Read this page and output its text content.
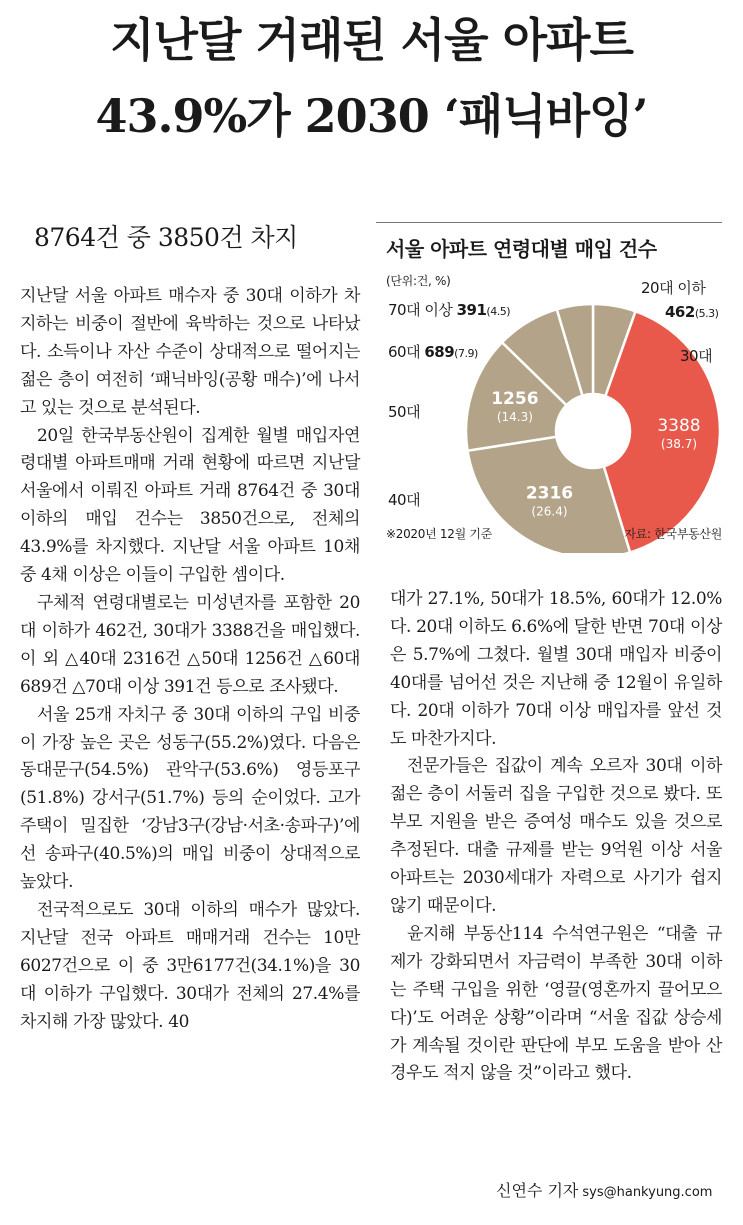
지난달 거래된 서울 아파트
43.9%가 2030 ‘패닉바잉’
8764건 중 3850건 차지

지난달 서울 아파트 매수자 중 30대 이하가 차지하는 비중이 절반에 육박하는 것으로 나타났다. 소득이나 자산 수준이 상대적으로 떨어지는 젊은 층이 여전히 ‘패닉바잉(공황 매수)’에 나서고 있는 것으로 분석된다.

20일 한국부동산원이 집계한 월별 매입자연령대별 아파트매매 거래 현황에 따르면 지난달 서울에서 이뤄진 아파트 거래 8764건 중 30대 이하의 매입 건수는 3850건으로, 전체의 43.9%를 차지했다. 지난달 서울 아파트 10채 중 4채 이상은 이들이 구입한 셈이다.

구체적 연령대별로는 미성년자를 포함한 20대 이하가 462건, 30대가 3388건을 매입했다. 이 외 △40대 2316건 △50대 1256건 △60대 689건 △70대 이상 391건 등으로 조사됐다.

서울 25개 자치구 중 30대 이하의 구입 비중이 가장 높은 곳은 성동구(55.2%)였다. 다음은 동대문구(54.5%) 관악구(53.6%) 영등포구(51.8%) 강서구(51.7%) 등의 순이었다. 고가주택이 밀집한 ‘강남3구(강남·서초·송파구)’에선 송파구(40.5%)의 매입 비중이 상대적으로 높았다.

전국적으로도 30대 이하의 매수가 많았다. 지난달 전국 아파트 매매거래 건수는 10만6027건으로 이 중 3만6177건(34.1%)을 30대 이하가 구입했다. 30대가 전체의 27.4%를 차지해 가장 많았다. 40

서울 아파트 연령대별 매입 건수
(단위:건, %)
3388
(38.7)
2316
(26.4)
1256
(14.3)
20대 이하
462(5.3)
30대
70대 이상 391(4.5)
60대 689(7.9)
50대
40대
※2020년 12월 기준	자료: 한국부동산원

대가 27.1%, 50대가 18.5%, 60대가 12.0%다. 20대 이하도 6.6%에 달한 반면 70대 이상은 5.7%에 그쳤다. 월별 30대 매입자 비중이 40대를 넘어선 것은 지난해 중 12월이 유일하다. 20대 이하가 70대 이상 매입자를 앞선 것도 마찬가지다.

전문가들은 집값이 계속 오르자 30대 이하 젊은 층이 서둘러 집을 구입한 것으로 봤다. 또 부모 지원을 받은 증여성 매수도 있을 것으로 추정된다. 대출 규제를 받는 9억원 이상 서울 아파트는 2030세대가 자력으로 사기가 쉽지 않기 때문이다.

윤지해 부동산114 수석연구원은 “대출 규제가 강화되면서 자금력이 부족한 30대 이하는 주택 구입을 위한 ‘영끌(영혼까지 끌어모으다)’도 어려운 상황”이라며 “서울 집값 상승세가 계속될 것이란 판단에 부모 도움을 받아 산 경우도 적지 않을 것”이라고 했다.

신연수 기자 sys@hankyung.com
